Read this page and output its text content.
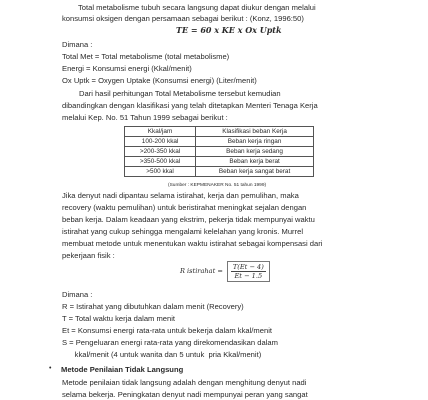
Total metabolisme tubuh secara langsung dapat diukur dengan melalui
konsumsi oksigen dengan persamaan sebagai berikut : (Konz, 1996:50)
TE = 60 x KE x Ox Uptk
Dimana :
Total Met = Total metabolisme (total metabolisme)
Energi = Konsumsi energi (Kkal/menit)
Ox Uptk = Oxygen Uptake (Konsumsi energi) (Liter/menit)
Dari hasil perhitungan Total Metabolisme tersebut kemudian
dibandingkan dengan klasifikasi yang telah ditetapkan Menteri Tenaga Kerja
melalui Kep. No. 51 Tahun 1999 sebagai berikut :
Kkal/jam	Klasifikasi beban Kerja
100-200 kkal	Beban kerja ringan
>200-350 kkal	Beban kerja sedang
>350-500 kkal	Beban kerja berat
>500 kkal	Beban kerja sangat berat
(Sumber : KEPMENAKER No. 51 tahun 1999)
Jika denyut nadi dipantau selama istirahat, kerja dan pemulihan, maka
recovery (waktu pemulihan) untuk beristirahat meningkat sejalan dengan
beban kerja. Dalam keadaan yang ekstrim, pekerja tidak mempunyai waktu
istirahat yang cukup sehingga mengalami kelelahan yang kronis. Murrel
membuat metode untuk menentukan waktu istirahat sebagai kompensasi dari
pekerjaan fisik :
R istirahat = $\frac{T(Et - 4)}{Et - 1.5}$
Dimana :
R = Istirahat yang dibutuhkan dalam menit (Recovery)
T = Total waktu kerja dalam menit
Et = Konsumsi energi rata-rata untuk bekerja dalam kkal/menit
S = Pengeluaran energi rata-rata yang direkomendasikan dalam
kkal/menit (4 untuk wanita dan 5 untuk  pria Kkal/menit)
• Metode Penilaian Tidak Langsung
Metode penilaian tidak langsung adalah dengan menghitung denyut nadi
selama bekerja. Peningkatan denyut nadi mempunyai peran yang sangat
